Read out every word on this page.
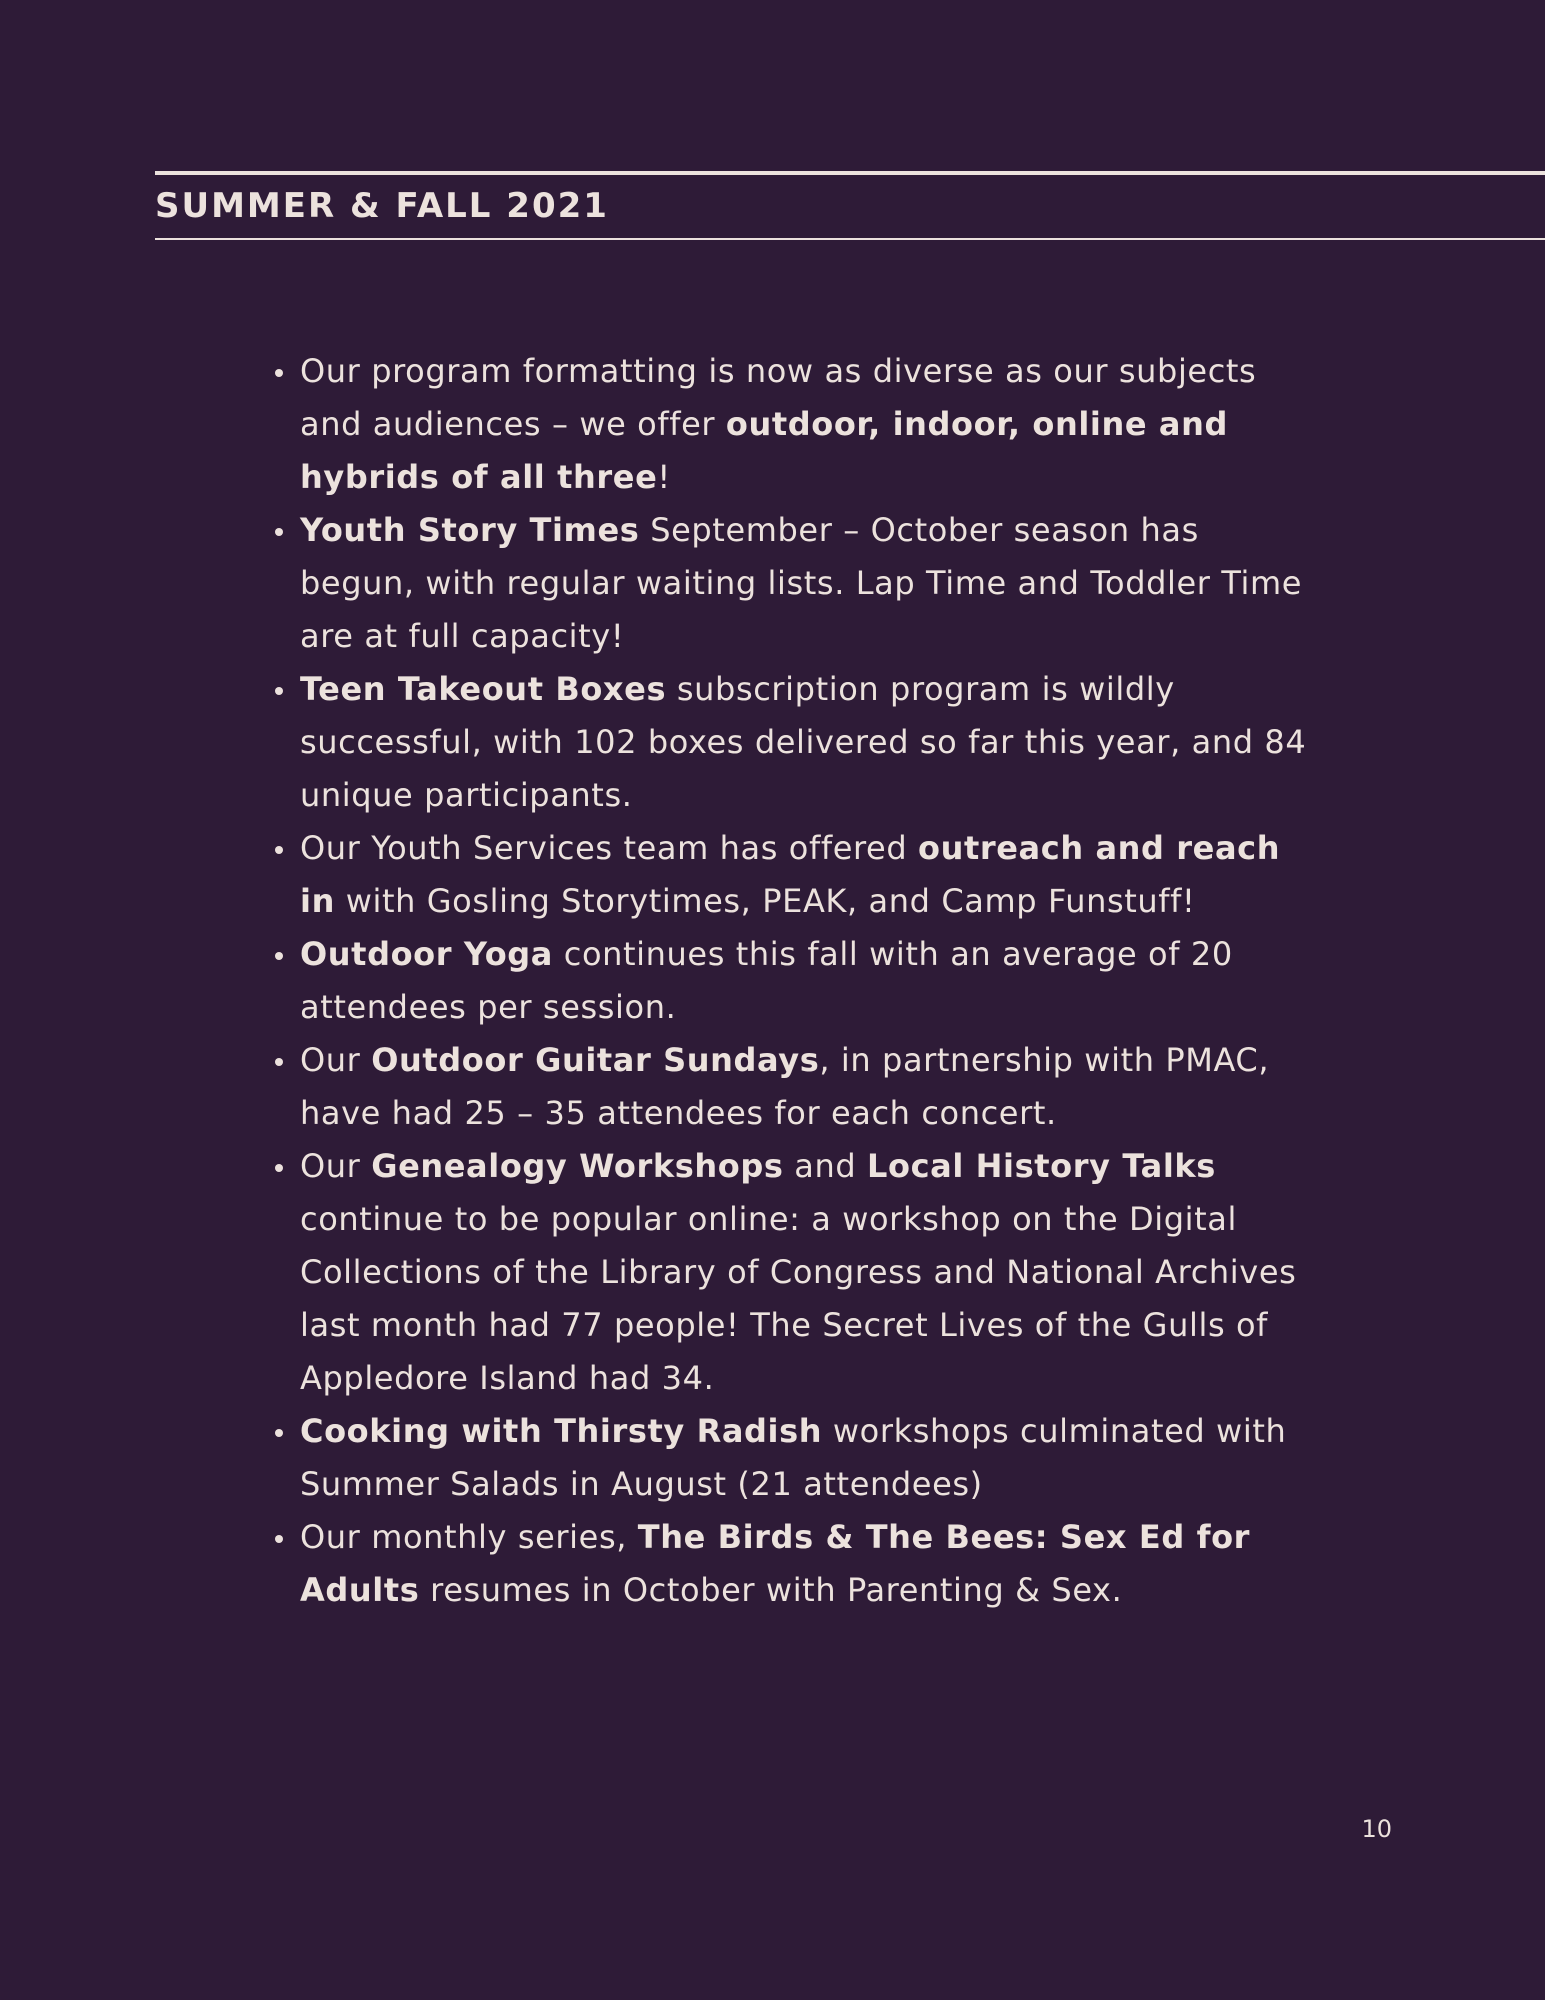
SUMMER & FALL 2021
Our program formatting is now as diverse as our subjects and audiences – we offer outdoor, indoor, online and hybrids of all three!
Youth Story Times September – October season has begun, with regular waiting lists. Lap Time and Toddler Time are at full capacity!
Teen Takeout Boxes subscription program is wildly successful, with 102 boxes delivered so far this year, and 84 unique participants.
Our Youth Services team has offered outreach and reach in with Gosling Storytimes, PEAK, and Camp Funstuff!
Outdoor Yoga continues this fall with an average of 20 attendees per session.
Our Outdoor Guitar Sundays, in partnership with PMAC, have had 25 – 35 attendees for each concert.
Our Genealogy Workshops and Local History Talks continue to be popular online: a workshop on the Digital Collections of the Library of Congress and National Archives last month had 77 people! The Secret Lives of the Gulls of Appledore Island had 34.
Cooking with Thirsty Radish workshops culminated with Summer Salads in August (21 attendees)
Our monthly series, The Birds & The Bees: Sex Ed for Adults resumes in October with Parenting & Sex.
10
